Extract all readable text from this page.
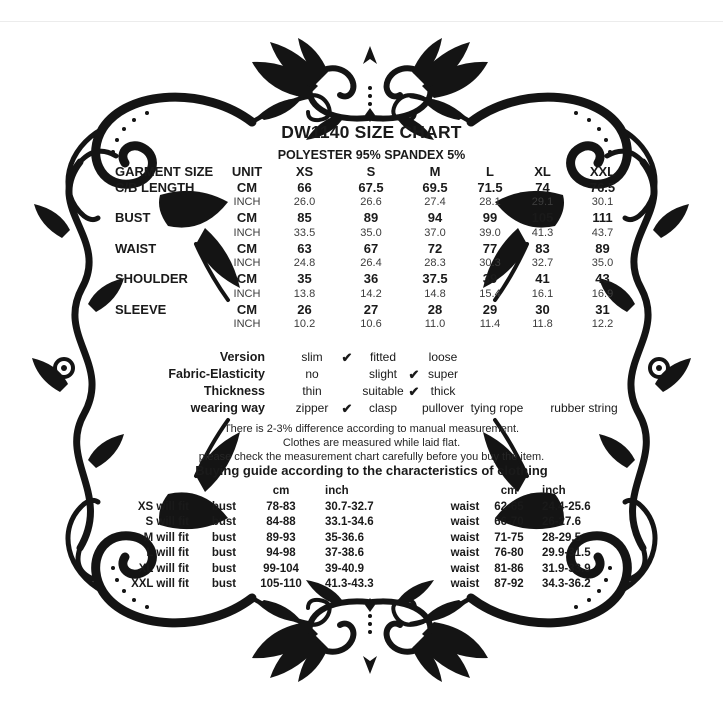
DW1140 SIZE CHART
POLYESTER 95% SPANDEX 5%
GARMENT SIZE	UNIT	XS	S	M	L	XL	XXL
C/B LENGTH	CM	66	67.5	69.5	71.5	74	76.5
	INCH	26.0	26.6	27.4	28.1	29.1	30.1
BUST	CM	85	89	94	99	105	111
	INCH	33.5	35.0	37.0	39.0	41.3	43.7
WAIST	CM	63	67	72	77	83	89
	INCH	24.8	26.4	28.3	30.3	32.7	35.0
SHOULDER	CM	35	36	37.5	39	41	43
	INCH	13.8	14.2	14.8	15.4	16.1	16.9
SLEEVE	CM	26	27	28	29	30	31
	INCH	10.2	10.6	11.0	11.4	11.8	12.2
Version	slim	✔	fitted		loose		
Fabric-Elasticity	no		slight	✔	super		
Thickness	thin		suitable	✔	thick		
wearing way	zipper	✔	clasp		pullover	tying rope	rubber string
There is 2-3% difference according to manual measurement.
Clothes are measured while laid flat.
please check the measurement chart carefully before you buy the item.
Buying guide according to the characteristics of clothing
		cm	inch			cm	inch
XS will fit	bust	78-83	30.7-32.7		waist	62-65	24.4-25.6
S will fit	bust	84-88	33.1-34.6		waist	66-70	26-27.6
M will fit	bust	89-93	35-36.6		waist	71-75	28-29.5
L will fit	bust	94-98	37-38.6		waist	76-80	29.9-31.5
XL will fit	bust	99-104	39-40.9		waist	81-86	31.9-33.9
XXL will fit	bust	105-110	41.3-43.3		waist	87-92	34.3-36.2
